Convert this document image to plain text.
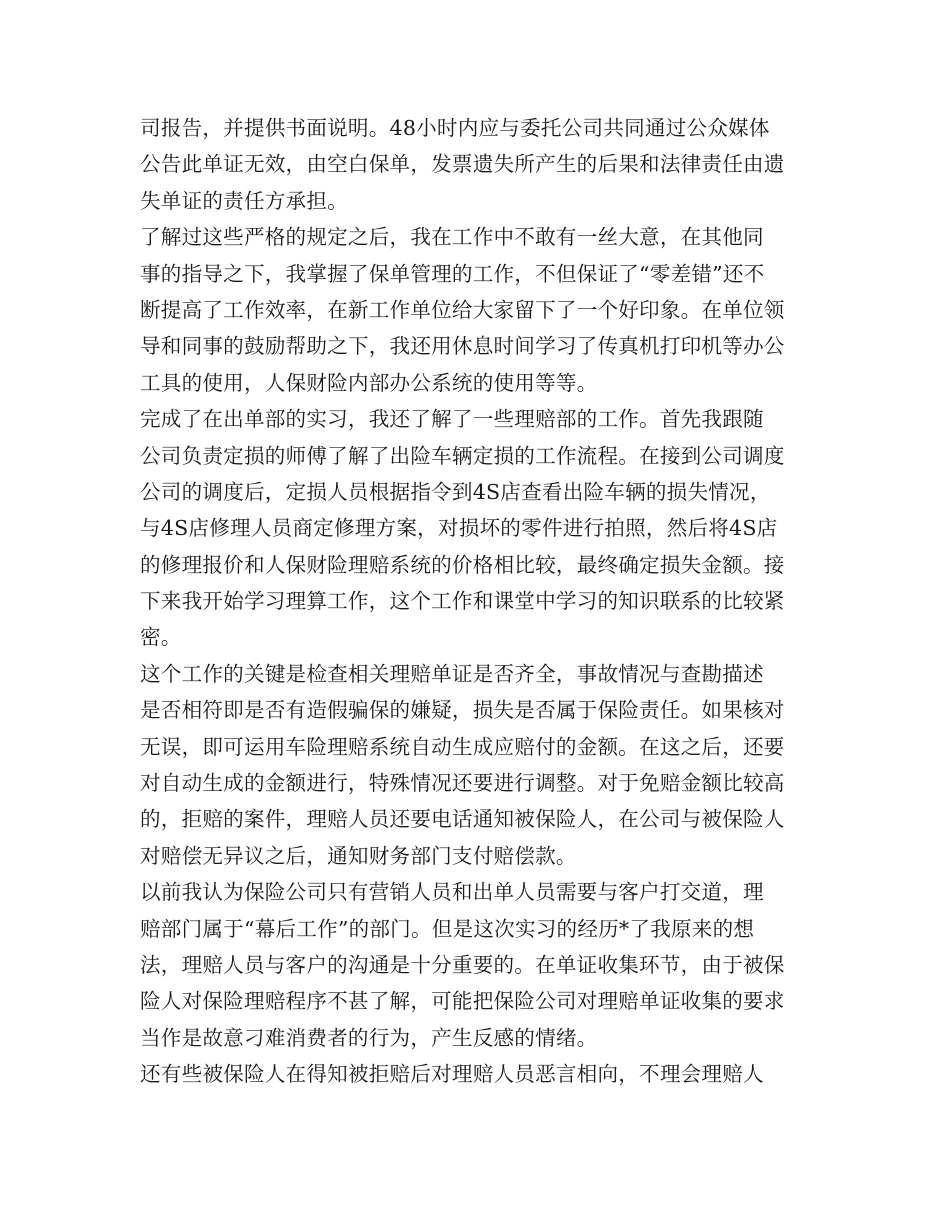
司报告，并提供书面说明。48小时内应与委托公司共同通过公众媒体
公告此单证无效，由空白保单，发票遗失所产生的后果和法律责任由遗
失单证的责任方承担。
了解过这些严格的规定之后，我在工作中不敢有一丝大意，在其他同
事的指导之下，我掌握了保单管理的工作，不但保证了“零差错”还不
断提高了工作效率，在新工作单位给大家留下了一个好印象。在单位领
导和同事的鼓励帮助之下，我还用休息时间学习了传真机打印机等办公
工具的使用，人保财险内部办公系统的使用等等。
完成了在出单部的实习，我还了解了一些理赔部的工作。首先我跟随
公司负责定损的师傅了解了出险车辆定损的工作流程。在接到公司调度
公司的调度后，定损人员根据指令到4S店查看出险车辆的损失情况，
与4S店修理人员商定修理方案，对损坏的零件进行拍照，然后将4S店
的修理报价和人保财险理赔系统的价格相比较，最终确定损失金额。接
下来我开始学习理算工作，这个工作和课堂中学习的知识联系的比较紧
密。
这个工作的关键是检查相关理赔单证是否齐全，事故情况与查勘描述
是否相符即是否有造假骗保的嫌疑，损失是否属于保险责任。如果核对
无误，即可运用车险理赔系统自动生成应赔付的金额。在这之后，还要
对自动生成的金额进行，特殊情况还要进行调整。对于免赔金额比较高
的，拒赔的案件，理赔人员还要电话通知被保险人，在公司与被保险人
对赔偿无异议之后，通知财务部门支付赔偿款。
以前我认为保险公司只有营销人员和出单人员需要与客户打交道，理
赔部门属于“幕后工作”的部门。但是这次实习的经历*了我原来的想
法，理赔人员与客户的沟通是十分重要的。在单证收集环节，由于被保
险人对保险理赔程序不甚了解，可能把保险公司对理赔单证收集的要求
当作是故意刁难消费者的行为，产生反感的情绪。
还有些被保险人在得知被拒赔后对理赔人员恶言相向，不理会理赔人
